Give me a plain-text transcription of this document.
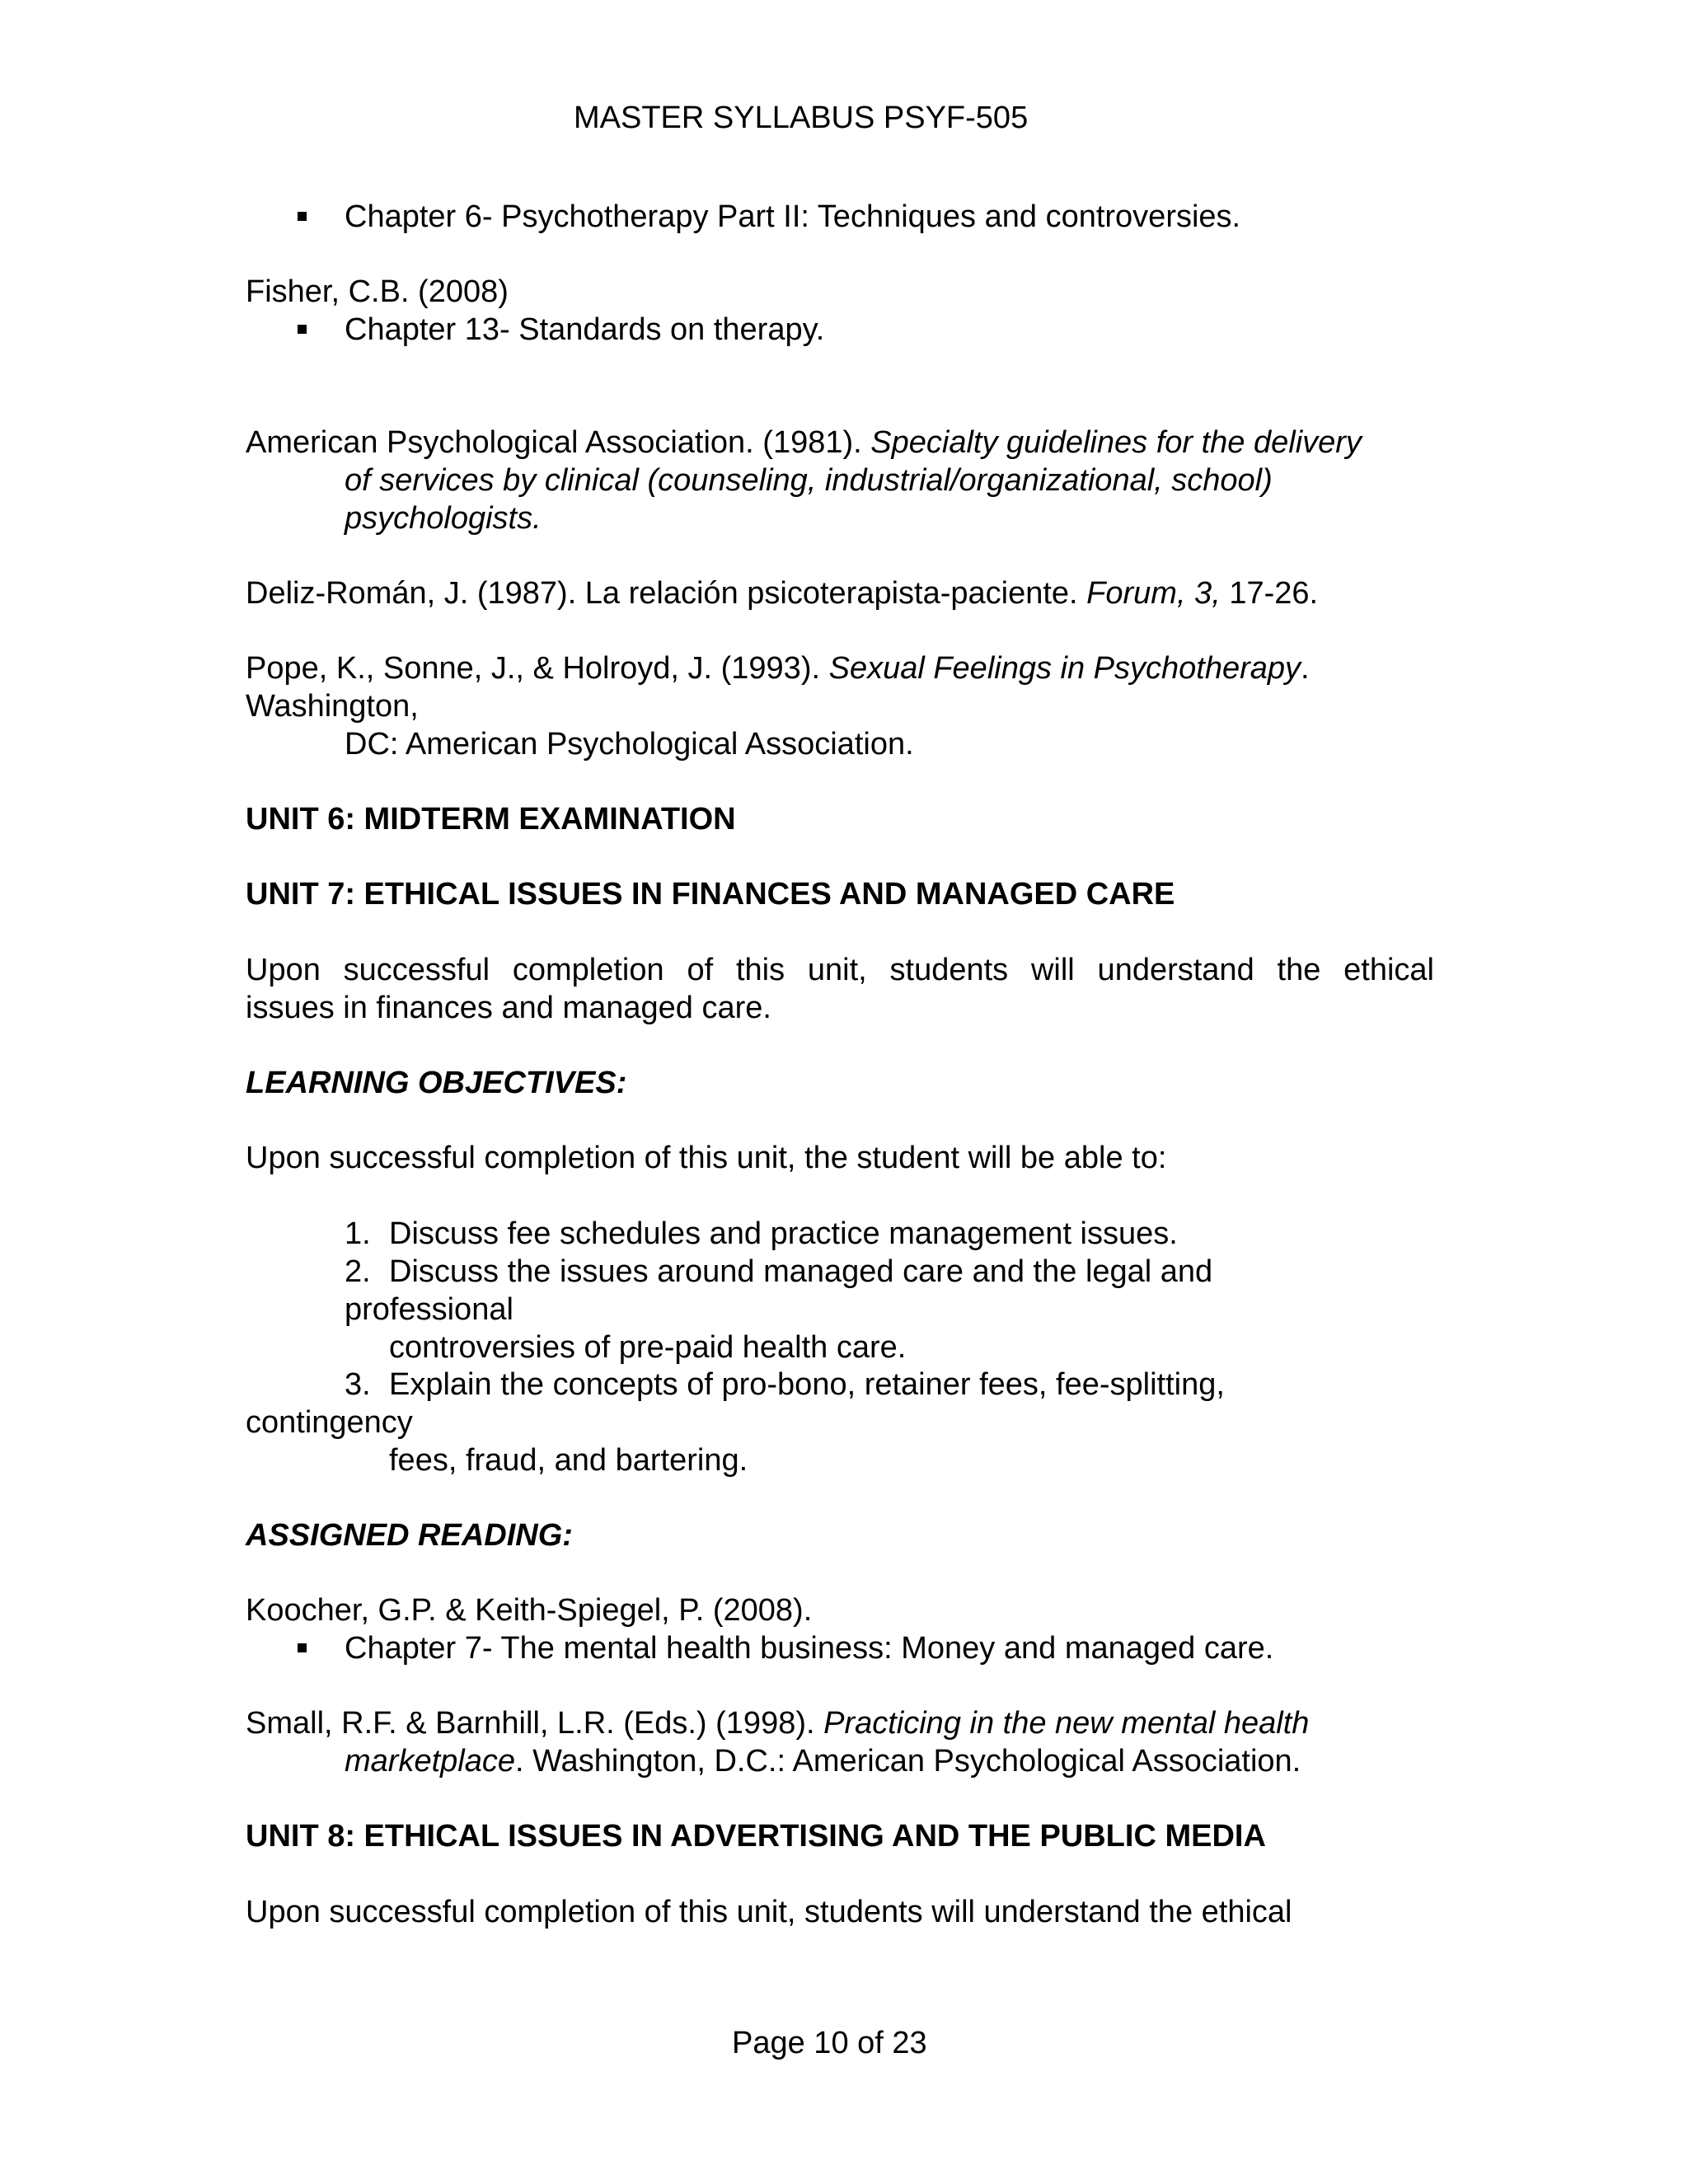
MASTER SYLLABUS PSYF-505
Chapter 6- Psychotherapy Part II: Techniques and controversies.
Fisher, C.B. (2008)
Chapter 13- Standards on therapy.
American Psychological Association. (1981). Specialty guidelines for the delivery
of services by clinical (counseling, industrial/organizational, school)
psychologists.
Deliz-Román, J. (1987). La relación psicoterapista-paciente. Forum, 3, 17-26.
Pope, K., Sonne, J., & Holroyd, J. (1993). Sexual Feelings in Psychotherapy.
Washington,
DC: American Psychological Association.
UNIT 6: MIDTERM EXAMINATION
UNIT 7: ETHICAL ISSUES IN FINANCES AND MANAGED CARE
Upon successful completion of this unit, students will understand the ethical
issues in finances and managed care.
LEARNING OBJECTIVES:
Upon successful completion of this unit, the student will be able to:
1. Discuss fee schedules and practice management issues.
2. Discuss the issues around managed care and the legal and
professional
controversies of pre-paid health care.
3. Explain the concepts of pro-bono, retainer fees, fee-splitting,
contingency
fees, fraud, and bartering.
ASSIGNED READING:
Koocher, G.P. & Keith-Spiegel, P. (2008).
Chapter 7- The mental health business: Money and managed care.
Small, R.F. & Barnhill, L.R. (Eds.) (1998). Practicing in the new mental health
marketplace. Washington, D.C.: American Psychological Association.
UNIT 8: ETHICAL ISSUES IN ADVERTISING AND THE PUBLIC MEDIA
Upon successful completion of this unit, students will understand the ethical
Page 10 of 23
